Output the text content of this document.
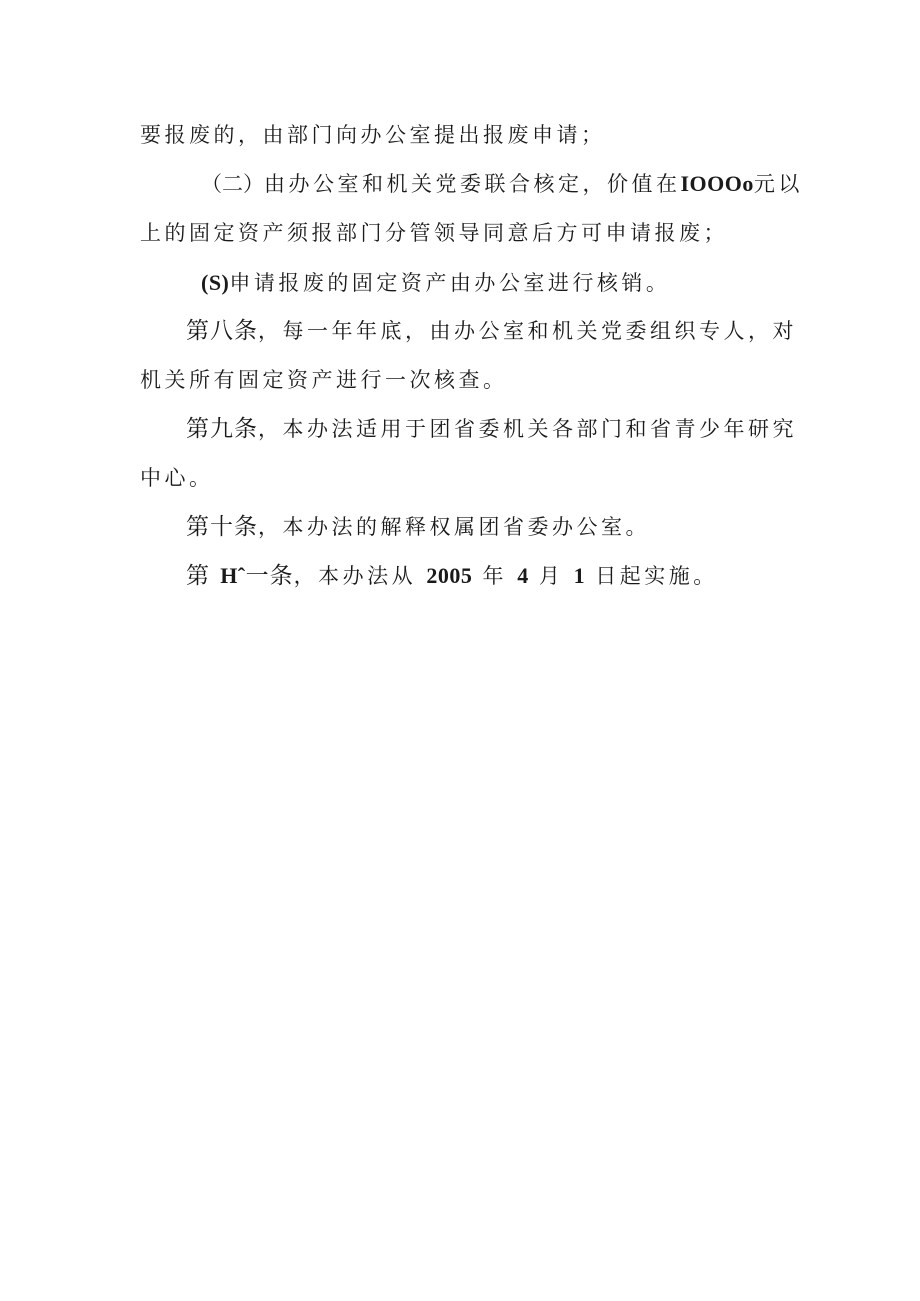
要报废的，由部门向办公室提出报废申请；
（二）由办公室和机关党委联合核定，价值在IOOOo元以
上的固定资产须报部门分管领导同意后方可申请报废；
(S)申请报废的固定资产由办公室进行核销。
第八条，每一年年底，由办公室和机关党委组织专人，对
机关所有固定资产进行一次核查。
第九条，本办法适用于团省委机关各部门和省青少年研究
中心。
第十条，本办法的解释权属团省委办公室。
第 Hˆ一条，本办法从 2005 年 4 月 1 日起实施。
